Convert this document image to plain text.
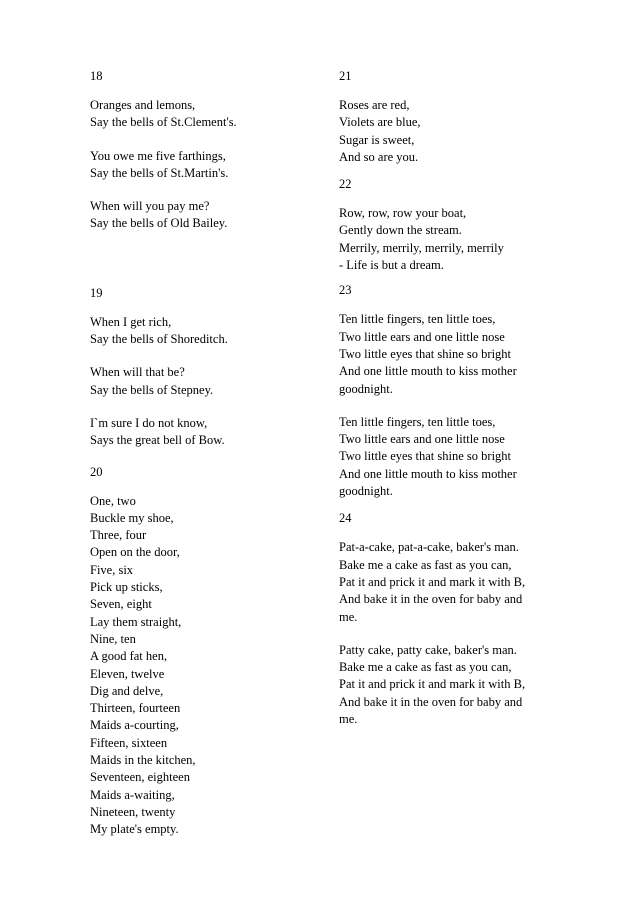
18
Oranges and lemons,
Say the bells of St.Clement's.
You owe me five farthings,
Say the bells of St.Martin's.
When will you pay me?
Say the bells of Old Bailey.
19
When I get rich,
Say the bells of Shoreditch.
When will that be?
Say the bells of Stepney.
I`m sure I do not know,
Says the great bell of Bow.
20
One, two
Buckle my shoe,
Three, four
Open on the door,
Five, six
Pick up sticks,
Seven, eight
Lay them straight,
Nine, ten
A good fat hen,
Eleven, twelve
Dig and delve,
Thirteen, fourteen
Maids a-courting,
Fifteen, sixteen
Maids in the kitchen,
Seventeen, eighteen
Maids a-waiting,
Nineteen, twenty
My plate's empty.
21
Roses are red,
Violets are blue,
Sugar is sweet,
And so are you.
22
Row, row, row your boat,
Gently down the stream.
Merrily, merrily, merrily, merrily
- Life is but a dream.
23
Ten little fingers, ten little toes,
Two little ears and one little nose
Two little eyes that shine so bright
And one little mouth to kiss mother
goodnight.
Ten little fingers, ten little toes,
Two little ears and one little nose
Two little eyes that shine so bright
And one little mouth to kiss mother
goodnight.
24
Pat-a-cake, pat-a-cake, baker's man.
Bake me a cake as fast as you can,
Pat it and prick it and mark it with B,
And bake it in the oven for baby and
me.
Patty cake, patty cake, baker's man.
Bake me a cake as fast as you can,
Pat it and prick it and mark it with B,
And bake it in the oven for baby and
me.
